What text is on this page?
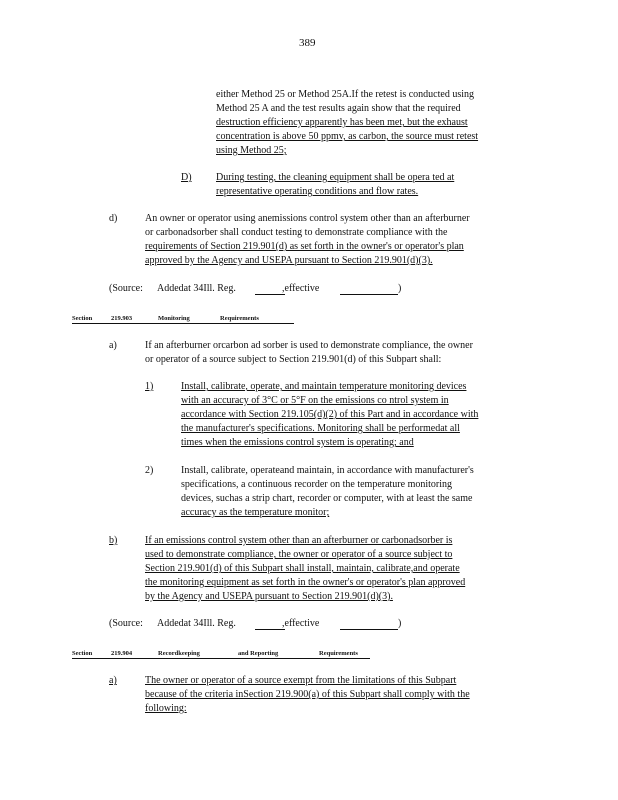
389
either Method 25 or Method 25A.If the retest is conducted using
Method 25 A and the test results again show that the required
destruction efficiency apparently has been met, but the exhaust
concentration is above 50 ppmv, as carbon, the source must retest
using Method 25;
D) During testing, the cleaning equipment shall be opera ted at
representative operating conditions and flow rates.
d)	An owner or operator using anemissions control system other than an afterburner
or carbonadsorber shall conduct testing to demonstrate compliance with the
requirements of Section 219.901(d) as set forth in the owner's or operator's plan
approved by the Agency and USEPA pursuant to Section 219.901(d)(3).
(Source: Addedat 34Ill. Reg.	,effective	)
Section	219.903	Monitoring	Requirements
a)	If an afterburner orcarbon ad sorber is used to demonstrate compliance, the owner
or operator of a source subject to Section 219.901(d) of this Subpart shall:
1)	Install, calibrate, operate, and maintain temperature monitoring devices
with an accuracy of 3°C or 5°F on the emissions co ntrol system in
accordance with Section 219.105(d)(2) of this Part and in accordance with
the manufacturer's specifications. Monitoring shall be performedat all
times when the emissions control system is operating; and
2)	Install, calibrate, operateand maintain, in accordance with manufacturer's
specifications, a continuous recorder on the temperature monitoring
devices, suchas a strip chart, recorder or computer, with at least the same
accuracy as the temperature monitor;
b)	If an emissions control system other than an afterburner or carbonadsorber is
used to demonstrate compliance, the owner or operator of a source subject to
Section 219.901(d) of this Subpart shall install, maintain, calibrate,and operate
the monitoring equipment as set forth in the owner's or operator's plan approved
by the Agency and USEPA pursuant to Section 219.901(d)(3).
(Source: Addedat 34Ill. Reg.	,effective	)
Section	219.904	Recordkeeping	and Reporting	Requirements
a)	The owner or operator of a source exempt from the limitations of this Subpart
because of the criteria inSection 219.900(a) of this Subpart shall comply with the
following:
